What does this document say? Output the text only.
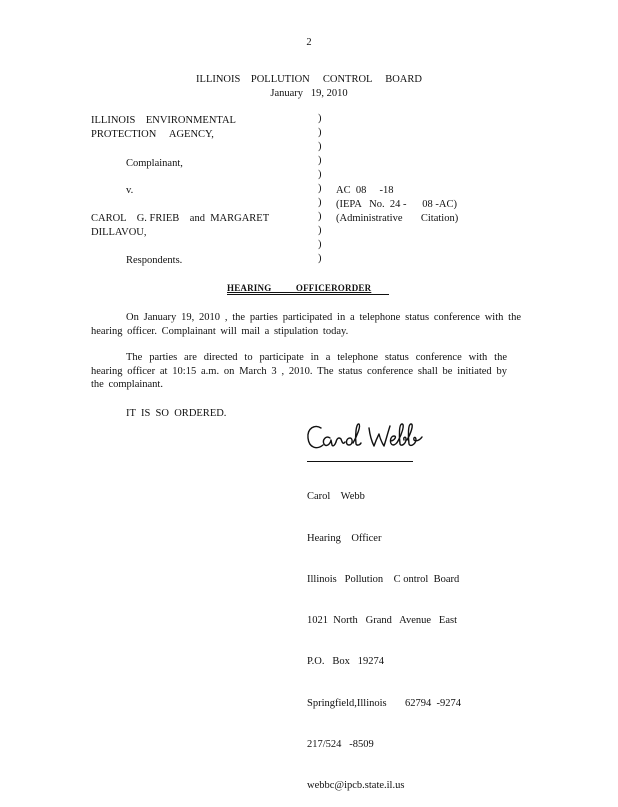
2
ILLINOIS    POLLUTION     CONTROL     BOARD
January   19, 2010
ILLINOIS    ENVIRONMENTAL
PROTECTION     AGENCY,
Complainant,
v.
CAROL    G. FRIEB    and  MARGARET
DILLAVOU,
Respondents.
)
)
)
)
)
)
)
)
)
)
)
AC  08     -18
(IEPA   No.  24 -      08 -AC)
(Administrative       Citation)
HEARING          OFFICERORDER
On January 19, 2010 , the parties participated in a telephone status conference with the hearing officer. Complainant will mail a stipulation today.
The parties are directed to participate in a telephone status conference with the hearing officer at 10:15 a.m. on March 3 , 2010. The status conference shall be initiated by the complainant.
IT  IS  SO  ORDERED.

Carol    Webb

Hearing    Officer

Illinois   Pollution    C ontrol  Board

1021  North   Grand   Avenue   East

P.O.   Box   19274

Springfield,Illinois       62794  -9274

217/524   -8509

webbc@ipcb.state.il.us
